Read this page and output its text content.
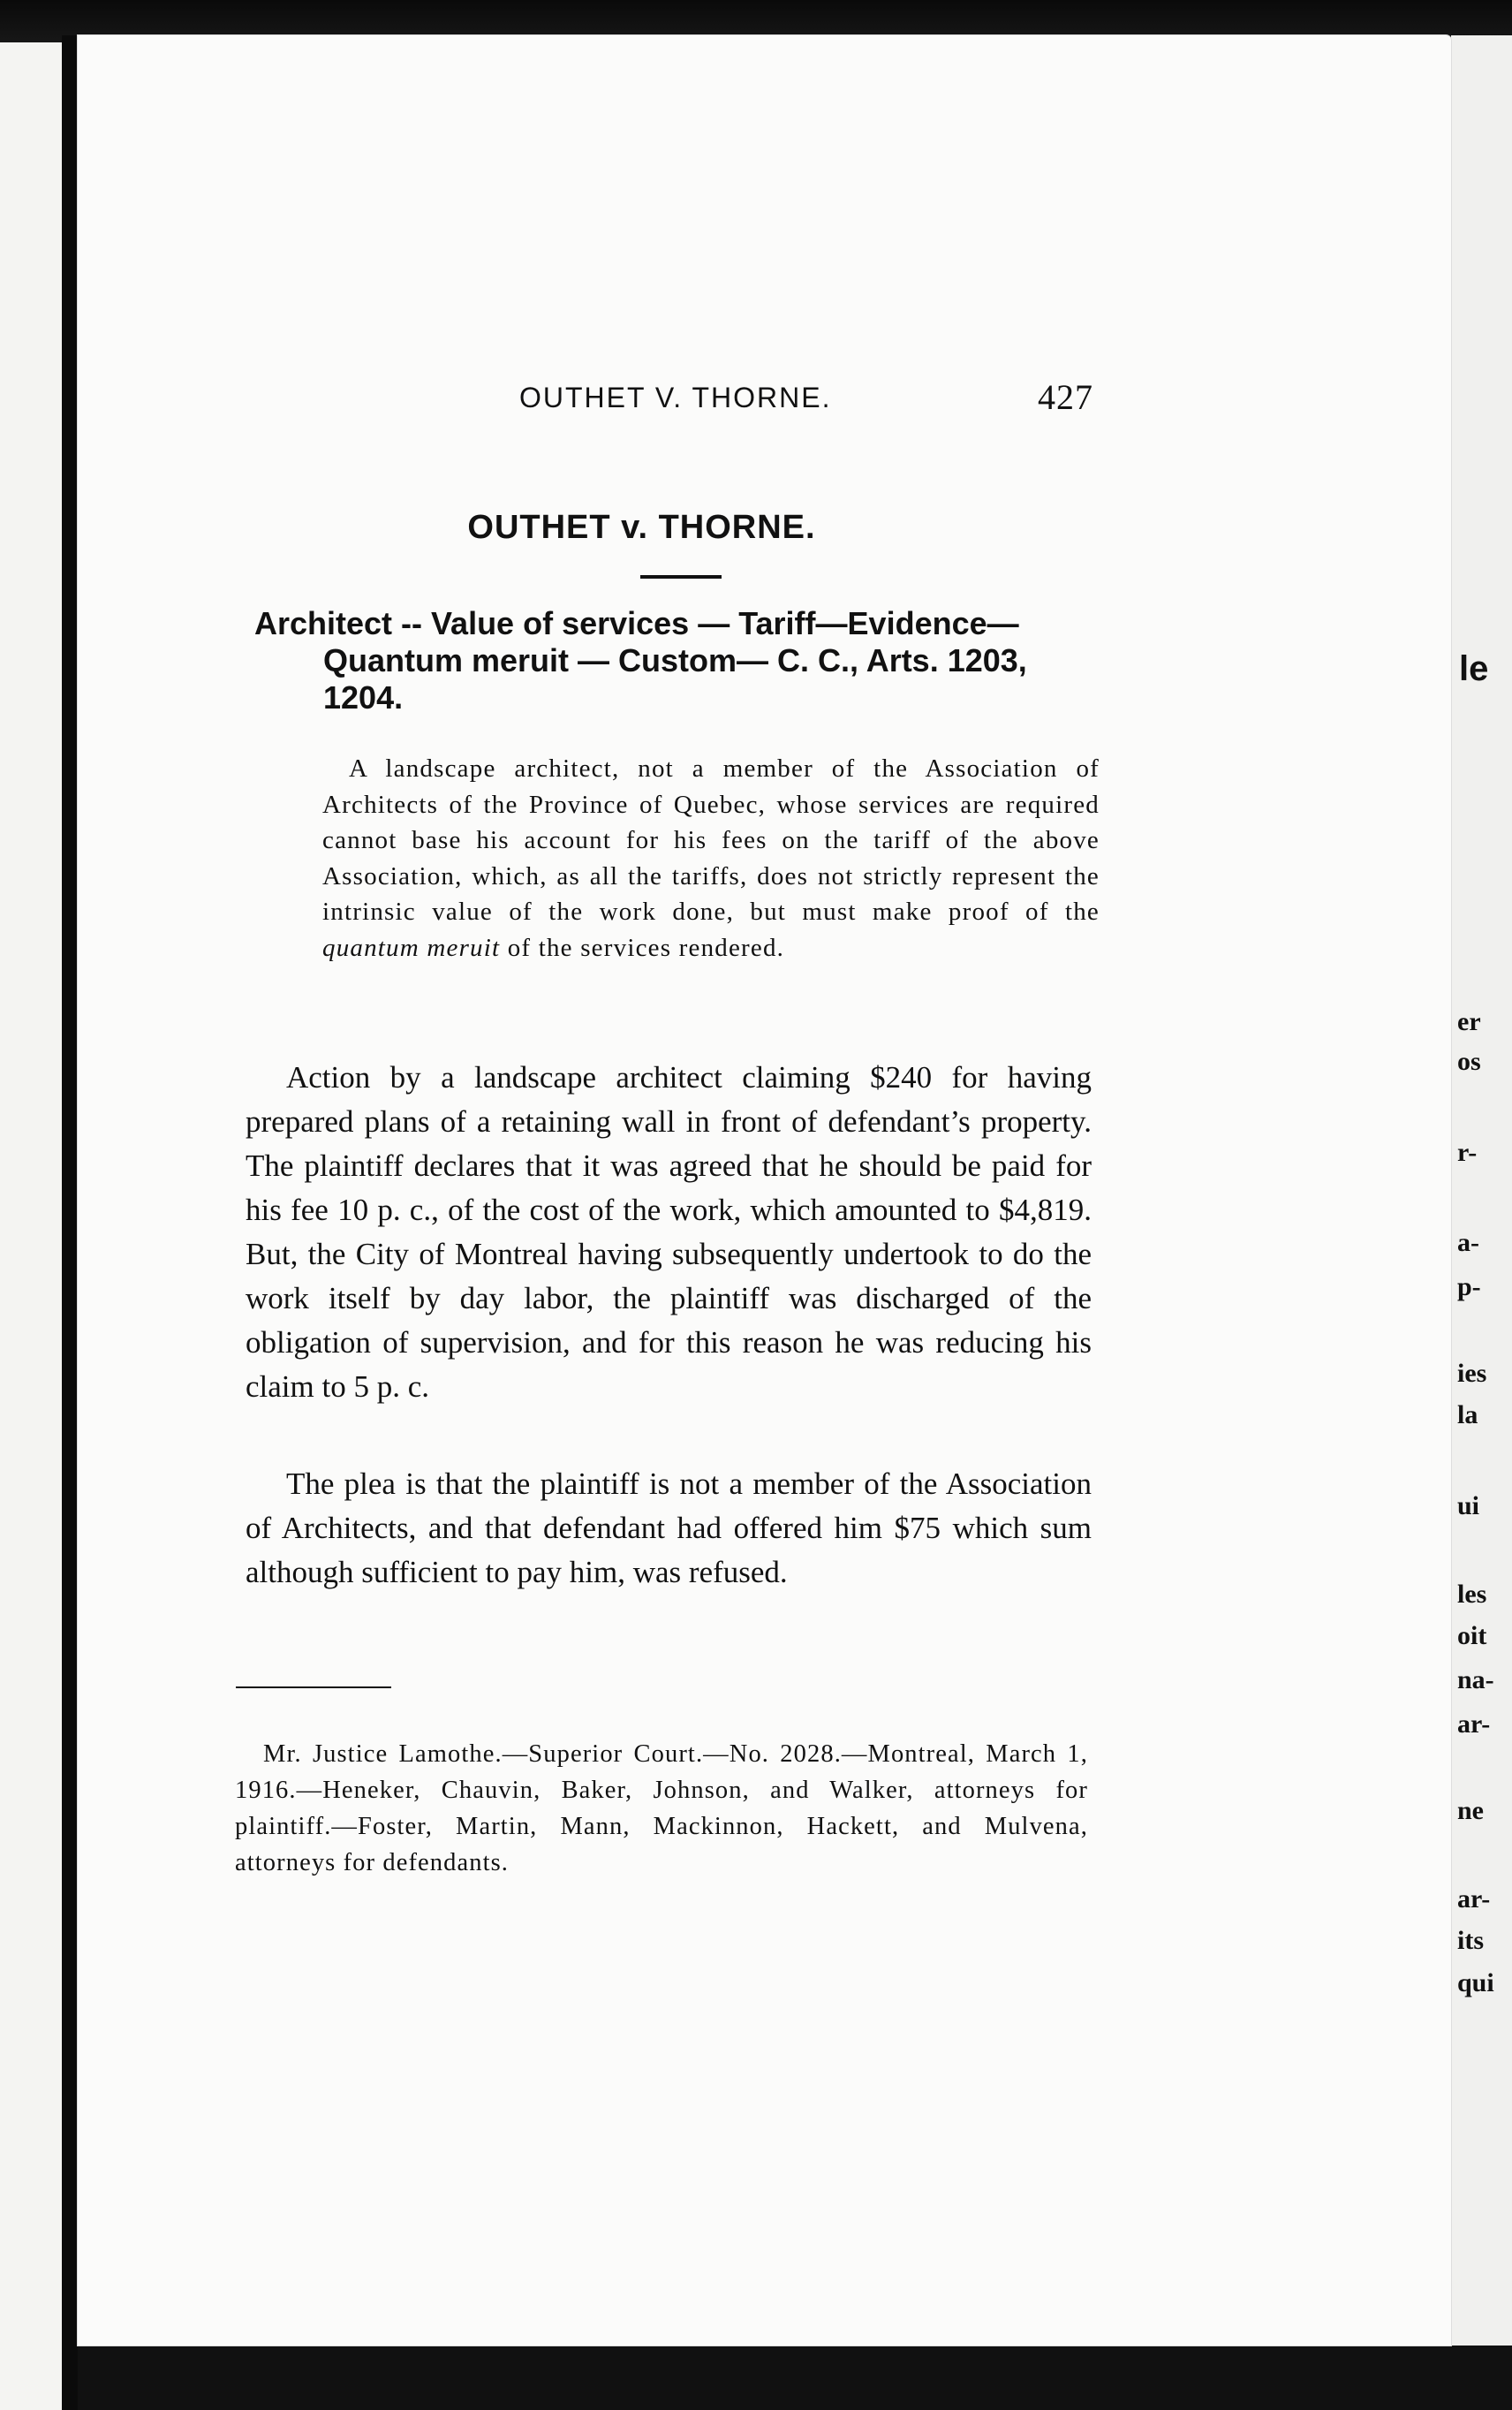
OUTHET V. THORNE.	427
OUTHET v. THORNE.
Architect -- Value of services — Tariff—Evidence—
Quantum meruit — Custom— C. C., Arts. 1203,
1204.

A landscape architect, not a member of the Association of Architects of the Province of Quebec, whose services are required cannot base his account for his fees on the tariff of the above Association, which, as all the tariffs, does not strictly represent the intrinsic value of the work done, but must make proof of the quantum meruit of the services rendered.

Action by a landscape architect claiming $240 for having prepared plans of a retaining wall in front of defendant’s property. The plaintiff declares that it was agreed that he should be paid for his fee 10 p. c., of the cost of the work, which amounted to $4,819. But, the City of Montreal having subsequently undertook to do the work itself by day labor, the plaintiff was discharged of the obligation of supervision, and for this reason he was reducing his claim to 5 p. c.

The plea is that the plaintiff is not a member of the Association of Architects, and that defendant had offered him $75 which sum although sufficient to pay him, was refused.

Mr. Justice Lamothe.—Superior Court.—No. 2028.—Montreal, March 1, 1916.—Heneker, Chauvin, Baker, Johnson, and Walker, attorneys for plaintiff.—Foster, Martin, Mann, Mackinnon, Hackett, and Mulvena, attorneys for defendants.

le
er
os
r-
a-
p-
ies
la
ui
les
oit
na-
ar-
ne
ar-
its
qui
